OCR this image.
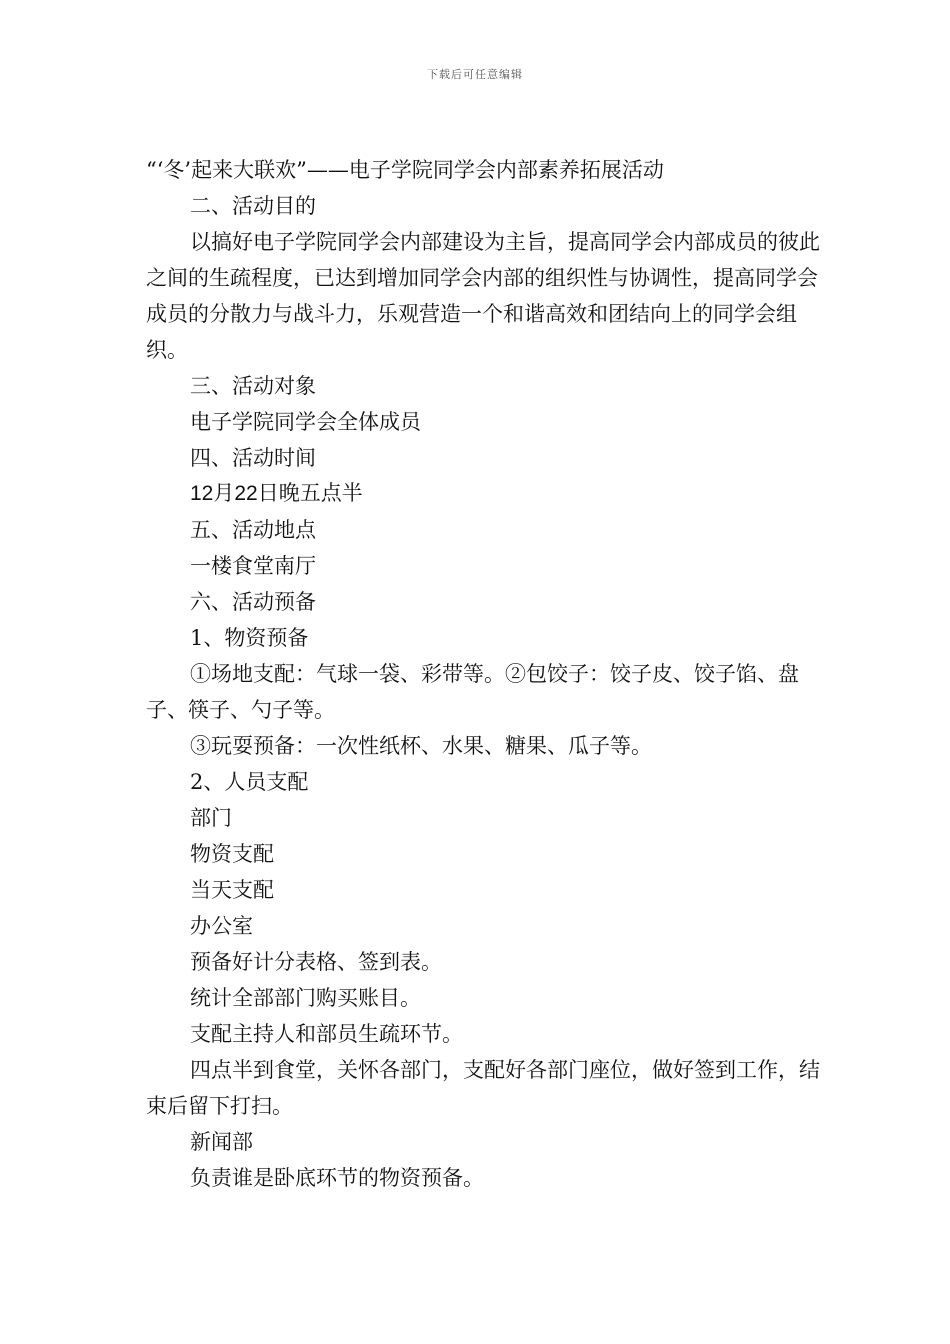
下载后可任意编辑

“‘冬’起来大联欢”——电子学院同学会内部素养拓展活动

二、活动目的

以搞好电子学院同学会内部建设为主旨，提高同学会内部成员的彼此之间的生疏程度，已达到增加同学会内部的组织性与协调性，提高同学会成员的分散力与战斗力，乐观营造一个和谐高效和团结向上的同学会组织。

三、活动对象

电子学院同学会全体成员

四、活动时间

12月22日晚五点半

五、活动地点

一楼食堂南厅

六、活动预备

1、物资预备

①场地支配：气球一袋、彩带等。②包饺子：饺子皮、饺子馅、盘子、筷子、勺子等。

③玩耍预备：一次性纸杯、水果、糖果、瓜子等。

2、人员支配

部门

物资支配

当天支配

办公室

预备好计分表格、签到表。

统计全部部门购买账目。

支配主持人和部员生疏环节。

四点半到食堂，关怀各部门，支配好各部门座位，做好签到工作，结束后留下打扫。

新闻部

负责谁是卧底环节的物资预备。
